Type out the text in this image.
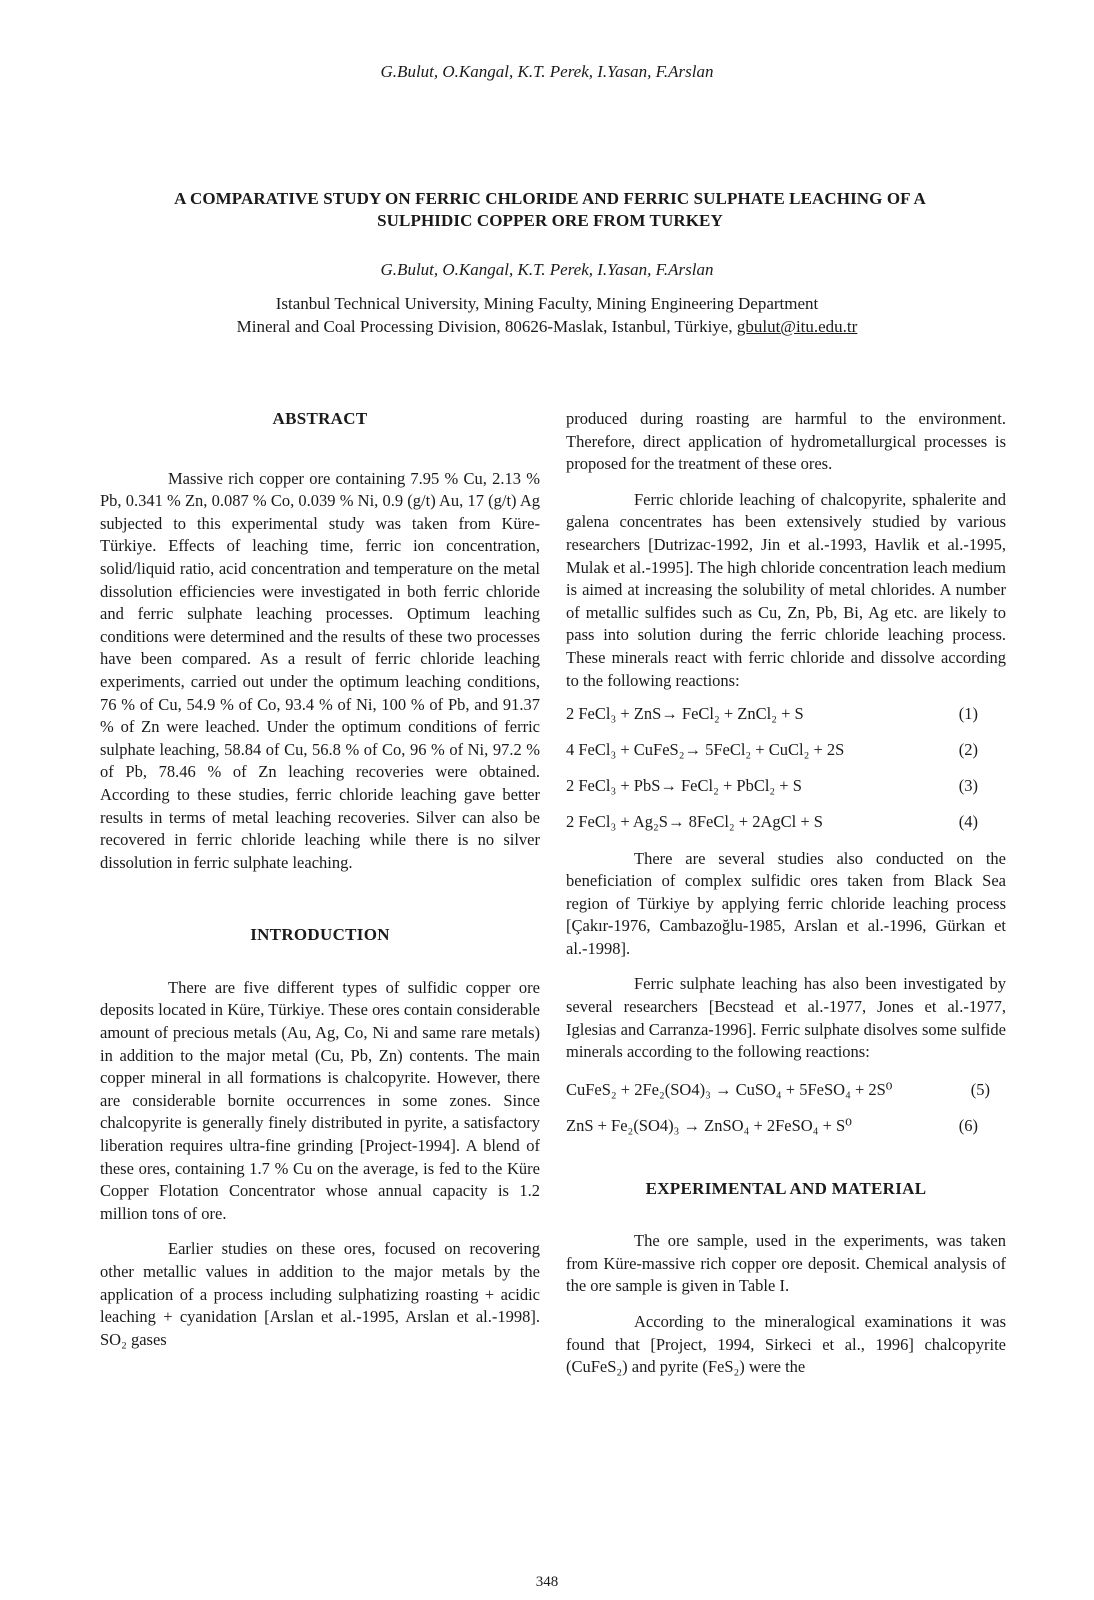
G.Bulut, O.Kangal, K.T. Perek, I.Yasan, F.Arslan
A COMPARATIVE STUDY ON FERRIC CHLORIDE AND FERRIC SULPHATE LEACHING OF A
SULPHIDIC COPPER ORE FROM TURKEY
G.Bulut, O.Kangal, K.T. Perek, I.Yasan, F.Arslan
Istanbul Technical University, Mining Faculty, Mining Engineering Department
Mineral and Coal Processing Division, 80626-Maslak, Istanbul, Türkiye, gbulut@itu.edu.tr
ABSTRACT

Massive rich copper ore containing 7.95 % Cu, 2.13 % Pb, 0.341 % Zn, 0.087 % Co, 0.039 % Ni, 0.9 (g/t) Au, 17 (g/t) Ag subjected to this experimental study was taken from Küre-Türkiye. Effects of leaching time, ferric ion concentration, solid/liquid ratio, acid concentration and temperature on the metal dissolution efficiencies were investigated in both ferric chloride and ferric sulphate leaching processes. Optimum leaching conditions were determined and the results of these two processes have been compared. As a result of ferric chloride leaching experiments, carried out under the optimum leaching conditions, 76 % of Cu, 54.9 % of Co, 93.4 % of Ni, 100 % of Pb, and 91.37 % of Zn were leached. Under the optimum conditions of ferric sulphate leaching, 58.84 of Cu, 56.8 % of Co, 96 % of Ni, 97.2 % of Pb, 78.46 % of Zn leaching recoveries were obtained. According to these studies, ferric chloride leaching gave better results in terms of metal leaching recoveries. Silver can also be recovered in ferric chloride leaching while there is no silver dissolution in ferric sulphate leaching.

INTRODUCTION

There are five different types of sulfidic copper ore deposits located in Küre, Türkiye. These ores contain considerable amount of precious metals (Au, Ag, Co, Ni and same rare metals) in addition to the major metal (Cu, Pb, Zn) contents. The main copper mineral in all formations is chalcopyrite. However, there are considerable bornite occurrences in some zones. Since chalcopyrite is generally finely distributed in pyrite, a satisfactory liberation requires ultra-fine grinding [Project-1994]. A blend of these ores, containing 1.7 % Cu on the average, is fed to the Küre Copper Flotation Concentrator whose annual capacity is 1.2 million tons of ore.

Earlier studies on these ores, focused on recovering other metallic values in addition to the major metals by the application of a process including sulphatizing roasting + acidic leaching + cyanidation [Arslan et al.-1995, Arslan et al.-1998]. SO₂ gases

produced during roasting are harmful to the environment. Therefore, direct application of hydrometallurgical processes is proposed for the treatment of these ores.

Ferric chloride leaching of chalcopyrite, sphalerite and galena concentrates has been extensively studied by various researchers [Dutrizac-1992, Jin et al.-1993, Havlik et al.-1995, Mulak et al.-1995]. The high chloride concentration leach medium is aimed at increasing the solubility of metal chlorides. A number of metallic sulfides such as Cu, Zn, Pb, Bi, Ag etc. are likely to pass into solution during the ferric chloride leaching process. These minerals react with ferric chloride and dissolve according to the following reactions:

2 FeCl₃ + ZnS→ FeCl₂ + ZnCl₂ + S	(1)
4 FeCl₃ + CuFeS₂→ 5FeCl₂ + CuCl₂ + 2S	(2)
2 FeCl₃ + PbS→ FeCl₂ + PbCl₂ + S	(3)
2 FeCl₃ + Ag₂S→ 8FeCl₂ + 2AgCl + S	(4)

There are several studies also conducted on the beneficiation of complex sulfidic ores taken from Black Sea region of Türkiye by applying ferric chloride leaching process [Çakır-1976, Cambazoğlu-1985, Arslan et al.-1996, Gürkan et al.-1998].

Ferric sulphate leaching has also been investigated by several researchers [Becstead et al.-1977, Jones et al.-1977, Iglesias and Carranza-1996]. Ferric sulphate disolves some sulfide minerals according to the following reactions:

CuFeS₂ + 2Fe₂(SO4)₃ → CuSO₄ + 5FeSO₄ + 2S⁰	(5)
ZnS + Fe₂(SO4)₃ → ZnSO₄ + 2FeSO₄ + S⁰	(6)
EXPERIMENTAL AND MATERIAL

The ore sample, used in the experiments, was taken from Küre-massive rich copper ore deposit. Chemical analysis of the ore sample is given in Table I.

According to the mineralogical examinations it was found that [Project, 1994, Sirkeci et al., 1996] chalcopyrite (CuFeS₂) and pyrite (FeS₂) were the

348
